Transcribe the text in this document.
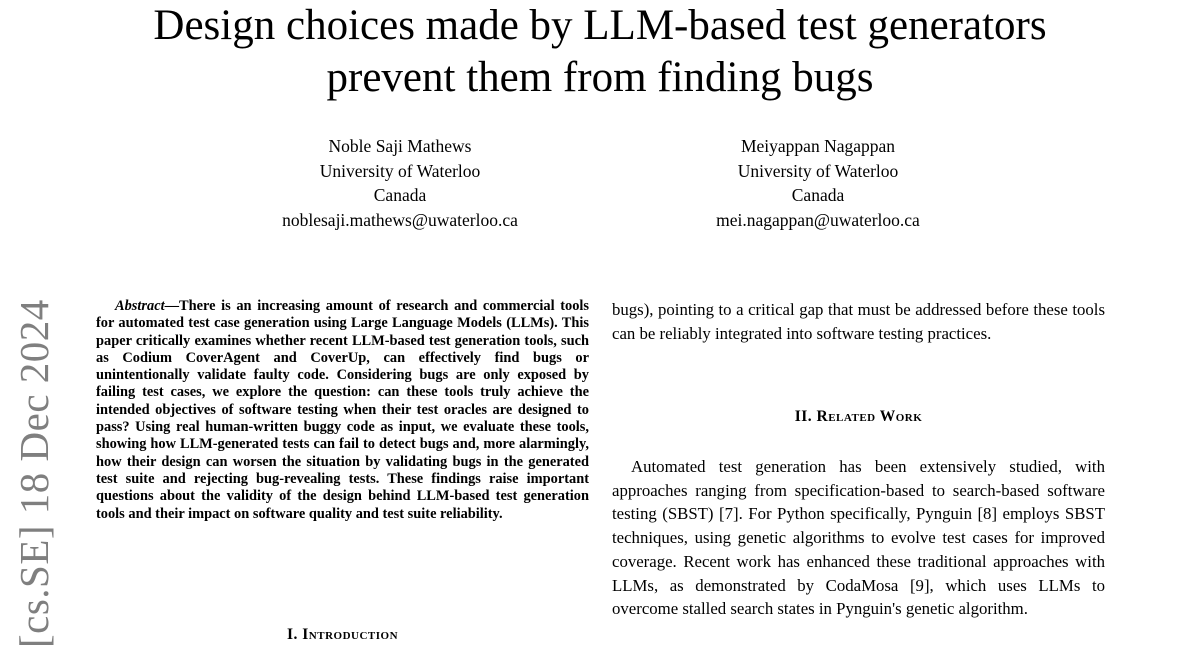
Design choices made by LLM-based test generators
prevent them from finding bugs
Noble Saji Mathews
University of Waterloo
Canada
noblesaji.mathews@uwaterloo.ca
Meiyappan Nagappan
University of Waterloo
Canada
mei.nagappan@uwaterloo.ca
[cs.SE] 18 Dec 2024	Abstract—There is an increasing amount of research and commercial tools for automated test case generation using Large Language Models (LLMs). This paper critically examines whether recent LLM-based test generation tools, such as Codium CoverAgent and CoverUp, can effectively find bugs or unintentionally validate faulty code. Considering bugs are only exposed by failing test cases, we explore the question: can these tools truly achieve the intended objectives of software testing when their test oracles are designed to pass? Using real human-written buggy code as input, we evaluate these tools, showing how LLM-generated tests can fail to detect bugs and, more alarmingly, how their design can worsen the situation by validating bugs in the generated test suite and rejecting bug-revealing tests. These findings raise important questions about the validity of the design behind LLM-based test generation tools and their impact on software quality and test suite reliability.

I. Introduction

bugs), pointing to a critical gap that must be addressed before these tools can be reliably integrated into software testing practices.

II. Related Work

Automated test generation has been extensively studied, with approaches ranging from specification-based to search-based software testing (SBST) [7]. For Python specifically, Pynguin [8] employs SBST techniques, using genetic algorithms to evolve test cases for improved coverage. Recent work has enhanced these traditional approaches with LLMs, as demonstrated by CodaMosa [9], which uses LLMs to overcome stalled search states in Pynguin's genetic algorithm.
